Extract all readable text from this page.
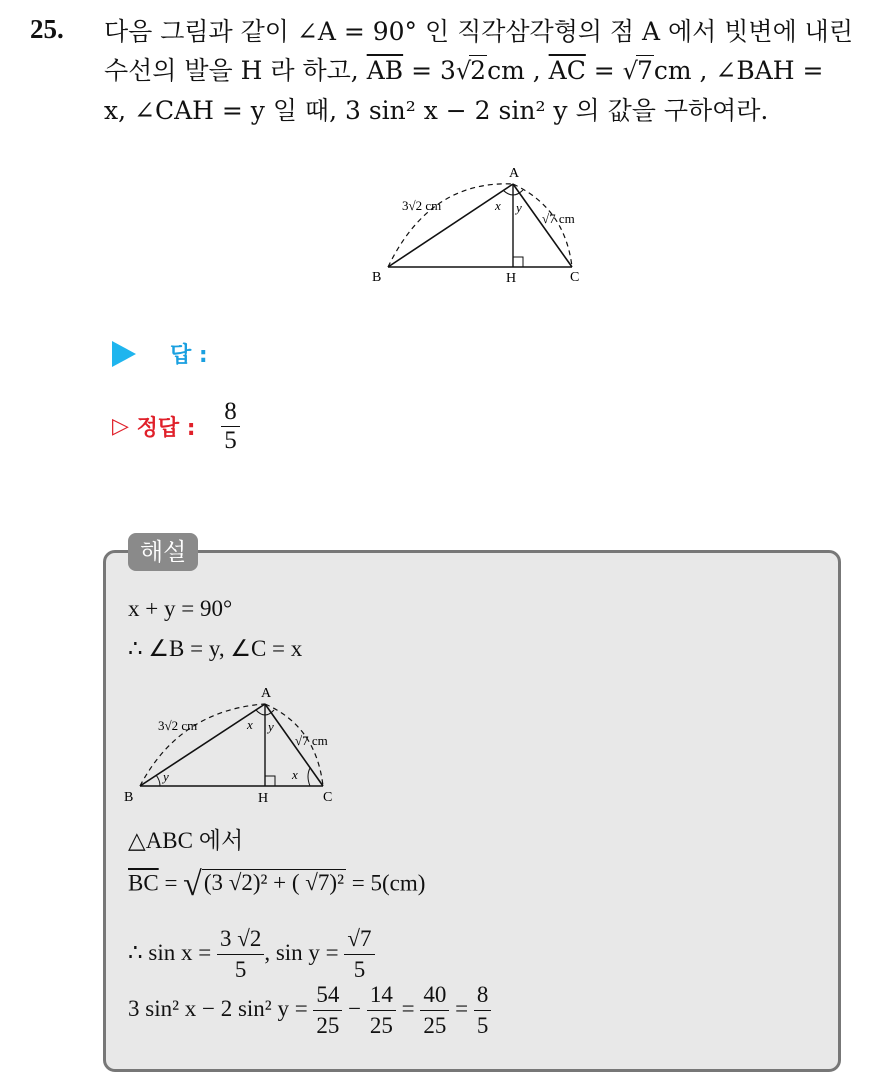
25. 다음 그림과 같이 ∠A = 90° 인 직각삼각형의 점 A 에서 빗변에 내린
수선의 발을 H 라 하고, $\overline{AB} = 3√2cm$ , $\overline{AC} = √7cm$ , ∠BAH =
x, ∠CAH = y 일 때, 3 sin² x − 2 sin² y 의 값을 구하여라.
A
B	H	C
x y
3√2 cm
√7 cm
답 :
▷ 정답 : $\frac{8}{5}$
해설
x + y = 90°
∴ ∠B = y, ∠C = x
A
B	H	C
x y
y	x
3√2 cm
√7 cm
△ABC 에서
$\overline{BC} = √(3$ √2)² + ( √7)² = 5(cm)
∴ $\sin x = \frac{3 √2}{5}$ , $\sin y = \frac{√7}{5}$
3 sin² x − 2 sin² $y = \frac{54}{25} - \frac{14}{25} = \frac{40}{25} = \frac{8}{5}$
